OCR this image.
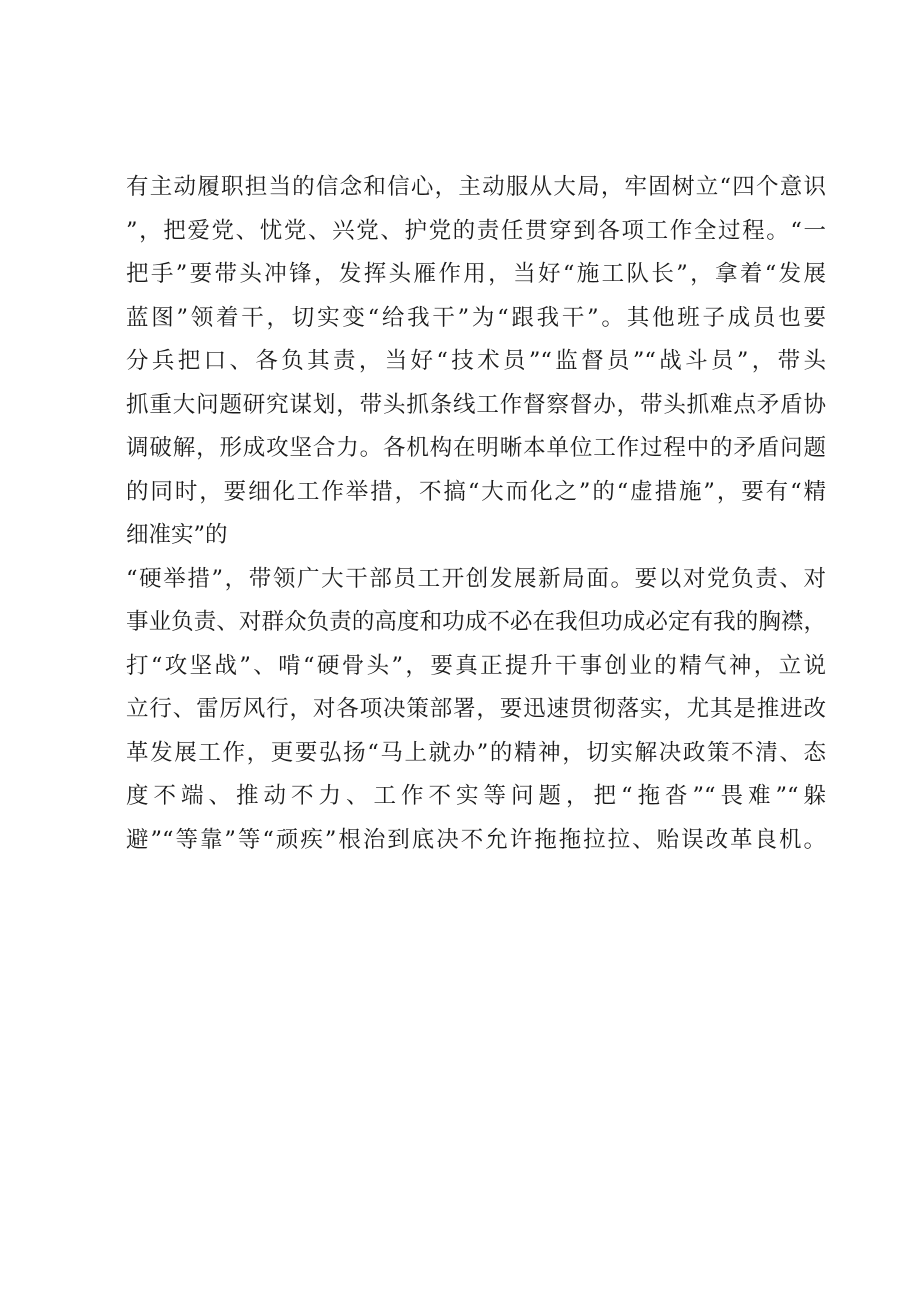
有主动履职担当的信念和信心，主动服从大局，牢固树立“四个意识
”，把爱党、忧党、兴党、护党的责任贯穿到各项工作全过程。“一
把手”要带头冲锋，发挥头雁作用，当好“施工队长”，拿着“发展
蓝图”领着干，切实变“给我干”为“跟我干”。其他班子成员也要
分兵把口、各负其责，当好“技术员”“监督员”“战斗员”，带头
抓重大问题研究谋划，带头抓条线工作督察督办，带头抓难点矛盾协
调破解，形成攻坚合力。各机构在明晰本单位工作过程中的矛盾问题
的同时，要细化工作举措，不搞“大而化之”的“虚措施”，要有“精
细准实”的
“硬举措”，带领广大干部员工开创发展新局面。要以对党负责、对
事业负责、对群众负责的高度和功成不必在我但功成必定有我的胸襟，
打“攻坚战”、啃“硬骨头”，要真正提升干事创业的精气神，立说
立行、雷厉风行，对各项决策部署，要迅速贯彻落实，尤其是推进改
革发展工作，更要弘扬“马上就办”的精神，切实解决政策不清、态
度不端、推动不力、工作不实等问题，把“拖沓”“畏难”“躲
避”“等靠”等“顽疾”根治到底决不允许拖拖拉拉、贻误改革良机。
